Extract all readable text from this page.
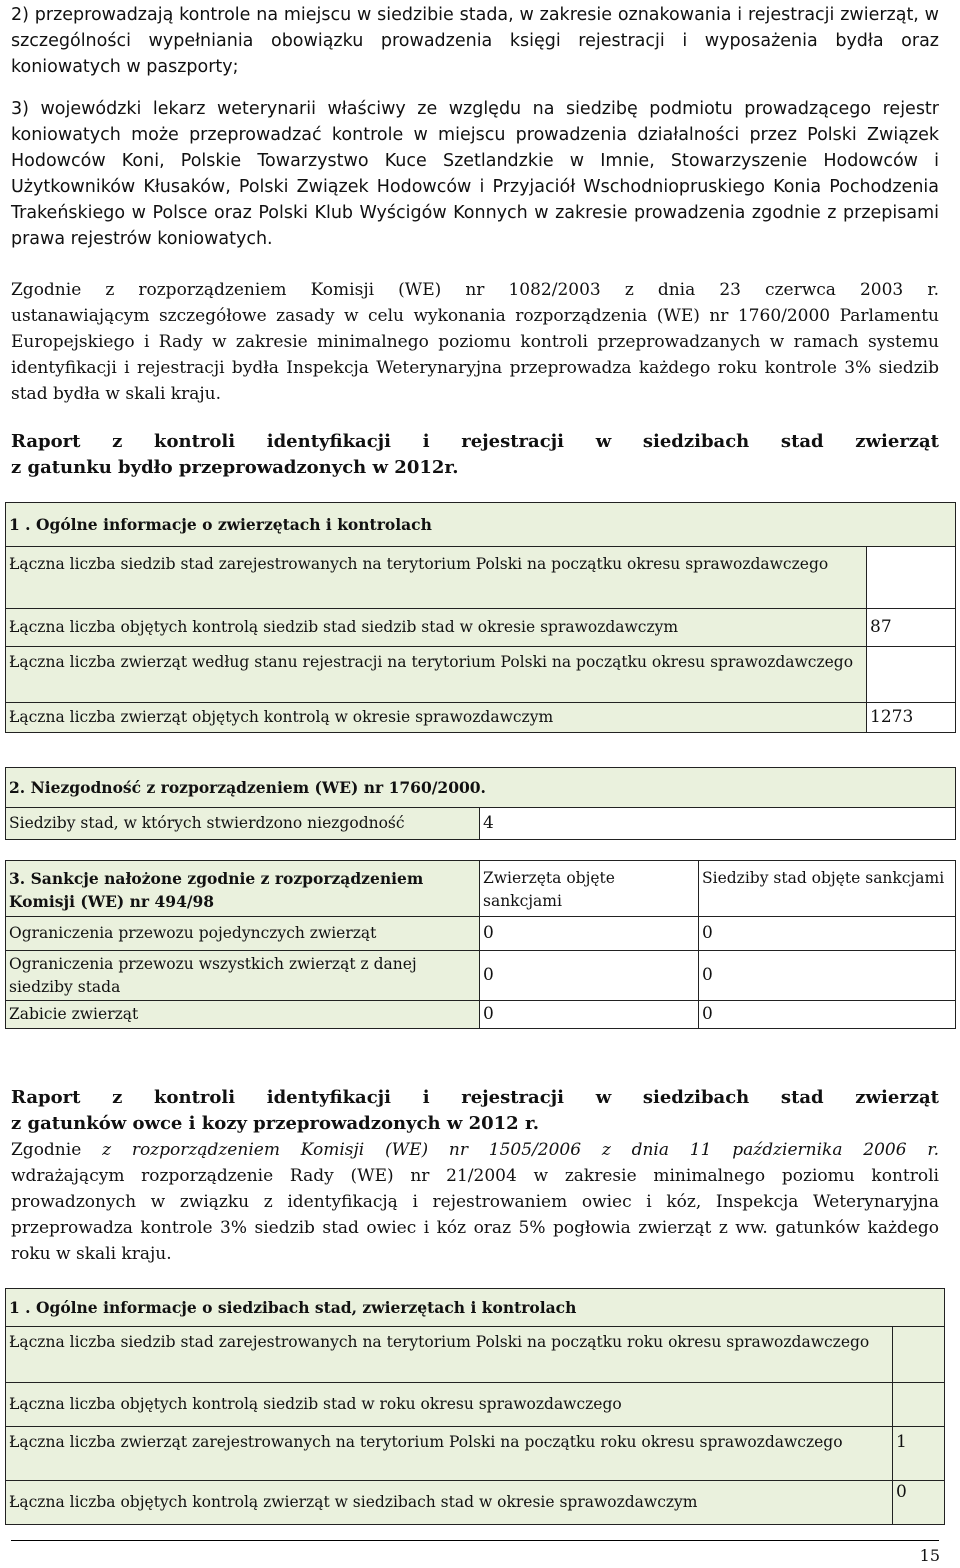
2) przeprowadzają kontrole na miejscu w siedzibie stada, w zakresie oznakowania i rejestracji zwierząt, w szczególności wypełniania obowiązku prowadzenia księgi rejestracji i wyposażenia bydła oraz koniowatych w paszporty;

3) wojewódzki lekarz weterynarii właściwy ze względu na siedzibę podmiotu prowadzącego rejestr koniowatych może przeprowadzać kontrole w miejscu prowadzenia działalności przez Polski Związek Hodowców Koni, Polskie Towarzystwo Kuce Szetlandzkie w Imnie, Stowarzyszenie Hodowców i Użytkowników Kłusaków, Polski Związek Hodowców i Przyjaciół Wschodniopruskiego Konia Pochodzenia Trakeńskiego w Polsce oraz Polski Klub Wyścigów Konnych w zakresie prowadzenia zgodnie z przepisami prawa rejestrów koniowatych.

Zgodnie z rozporządzeniem Komisji (WE) nr 1082/2003 z dnia 23 czerwca 2003 r.

ustanawiającym szczegółowe zasady w celu wykonania rozporządzenia (WE) nr 1760/2000 Parlamentu Europejskiego i Rady w zakresie minimalnego poziomu kontroli przeprowadzanych w ramach systemu identyfikacji i rejestracji bydła Inspekcja Weterynaryjna przeprowadza każdego roku kontrole 3% siedzib stad bydła w skali kraju.

Raport z kontroli identyfikacji i rejestracji w siedzibach stad zwierząt

z gatunku bydło przeprowadzonych w 2012r.

1 . Ogólne informacje o zwierzętach i kontrolach	
Łączna liczba siedzib stad zarejestrowanych na terytorium Polski na początku okresu sprawozdawczego	
Łączna liczba objętych kontrolą siedzib stad siedzib stad w okresie sprawozdawczym	87
Łączna liczba zwierząt według stanu rejestracji na terytorium Polski na początku okresu sprawozdawczego	
Łączna liczba zwierząt objętych kontrolą w okresie sprawozdawczym	1273
2. Niezgodność z rozporządzeniem (WE) nr 1760/2000.
Siedziby stad, w których stwierdzono niezgodność	4
3. Sankcje nałożone zgodnie z rozporządzeniem Komisji (WE) nr 494/98	Zwierzęta objęte sankcjami	Siedziby stad objęte sankcjami
Ograniczenia przewozu pojedynczych zwierząt	0	0
Ograniczenia przewozu wszystkich zwierząt z danej siedziby stada	0	0
Zabicie zwierząt	0	0

Raport z kontroli identyfikacji i rejestracji w siedzibach stad zwierząt

z gatunków owce i kozy przeprowadzonych w 2012 r.

Zgodnie z rozporządzeniem Komisji (WE) nr 1505/2006 z dnia 11 października 2006 r.

wdrażającym rozporządzenie Rady (WE) nr 21/2004 w zakresie minimalnego poziomu kontroli prowadzonych w związku z identyfikacją i rejestrowaniem owiec i kóz, Inspekcja Weterynaryjna przeprowadza kontrole 3% siedzib stad owiec i kóz oraz 5% pogłowia zwierząt z ww. gatunków każdego roku w skali kraju.

1 . Ogólne informacje o siedzibach stad, zwierzętach i kontrolach	
Łączna liczba siedzib stad zarejestrowanych na terytorium Polski na początku roku okresu sprawozdawczego	
Łączna liczba objętych kontrolą siedzib stad w roku okresu sprawozdawczego	
Łączna liczba zwierząt zarejestrowanych na terytorium Polski na początku roku okresu sprawozdawczego	1
Łączna liczba objętych kontrolą zwierząt w siedzibach stad w okresie sprawozdawczym	0
15
